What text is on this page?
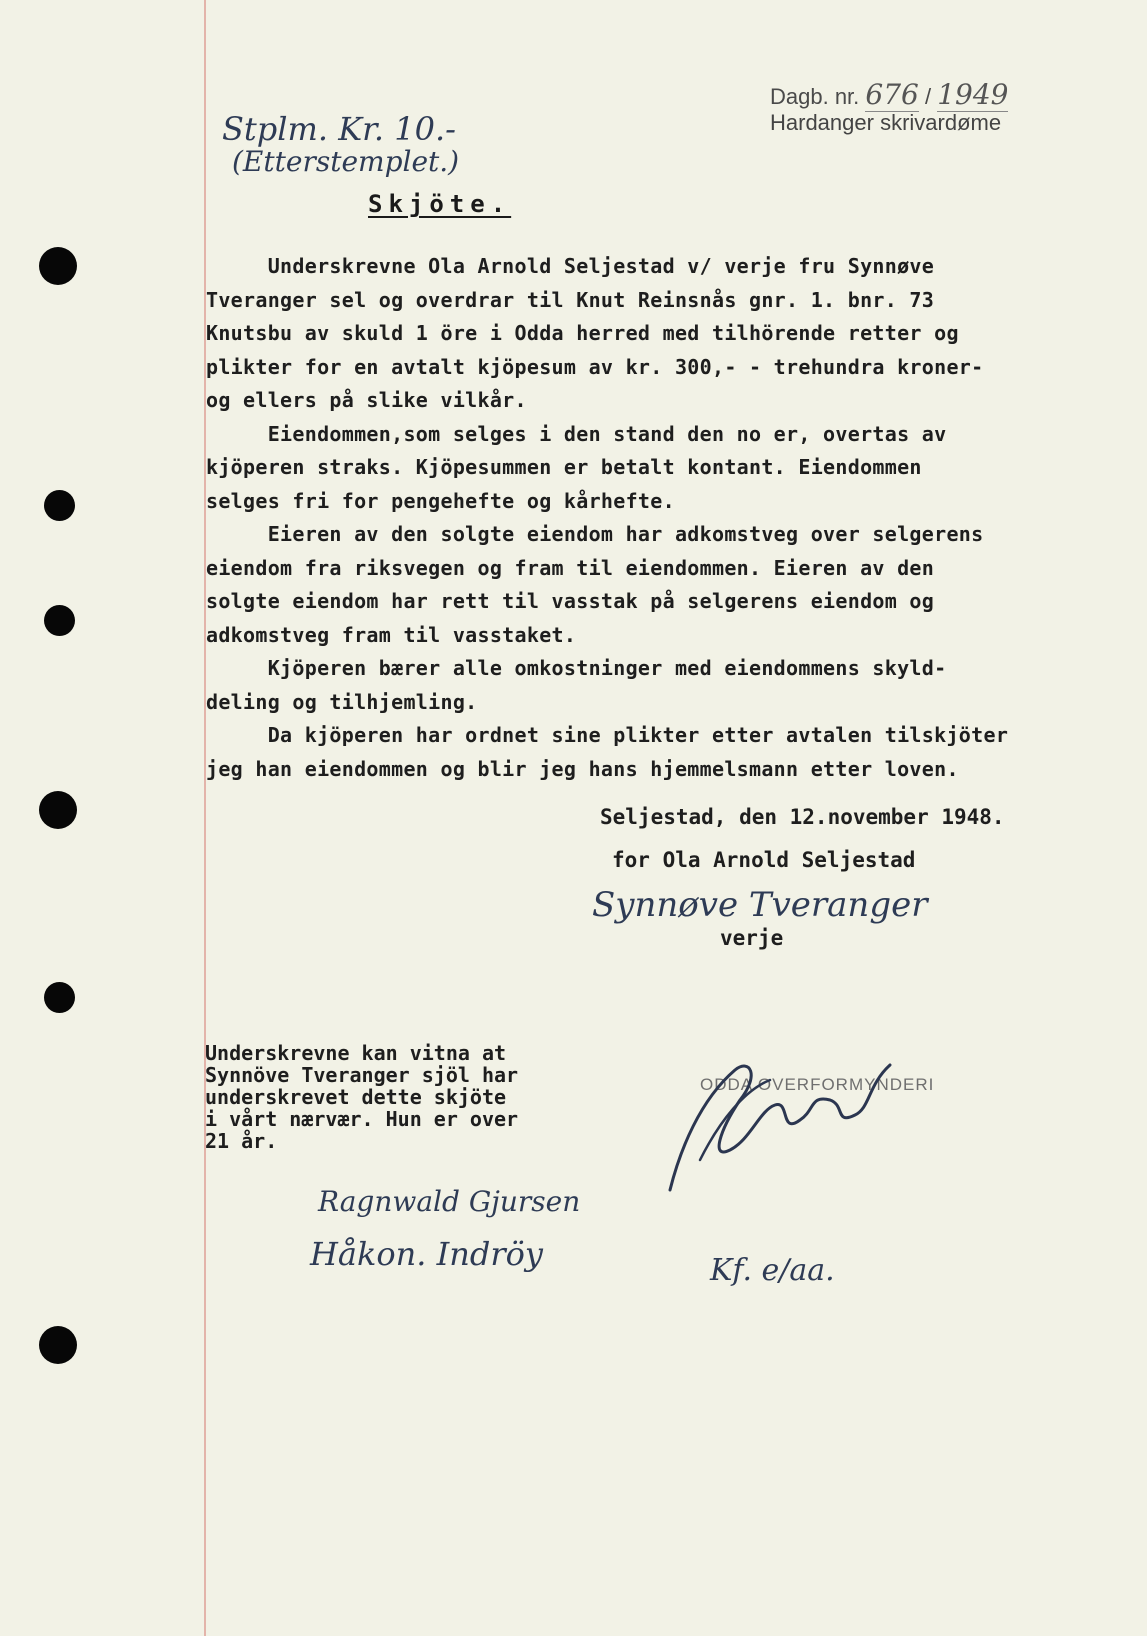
Dagb. nr. 676 / 1949
Hardanger skrivardøme
Stplm. Kr. 10.-
(Etterstemplet.)
Skjöte.

Underskrevne Ola Arnold Seljestad v/ verje fru Synnøve
Tveranger sel og overdrar til Knut Reinsnås gnr. 1. bnr. 73
Knutsbu av skuld 1 öre i Odda herred med tilhörende retter og
plikter for en avtalt kjöpesum av kr. 300,- - trehundra kroner-
og ellers på slike vilkår.
Eiendommen,som selges i den stand den no er, overtas av
kjöperen straks. Kjöpesummen er betalt kontant. Eiendommen
selges fri for pengehefte og kårhefte.
Eieren av den solgte eiendom har adkomstveg over selgerens
eiendom fra riksvegen og fram til eiendommen. Eieren av den
solgte eiendom har rett til vasstak på selgerens eiendom og
adkomstveg fram til vasstaket.
Kjöperen bærer alle omkostninger med eiendommens skyld-
deling og tilhjemling.
Da kjöperen har ordnet sine plikter etter avtalen tilskjöter
jeg han eiendommen og blir jeg hans hjemmelsmann etter loven.

Seljestad, den 12.november 1948.
for Ola Arnold Seljestad
Synnøve Tveranger
verje
Underskrevne kan vitna at
Synnöve Tveranger sjöl har
underskrevet dette skjöte
i vårt nærvær. Hun er over
21 år.
ODDA OVERFORMYNDERI
Ragnwald Gjursen
Håkon. Indröy	Kf. e/aa.
